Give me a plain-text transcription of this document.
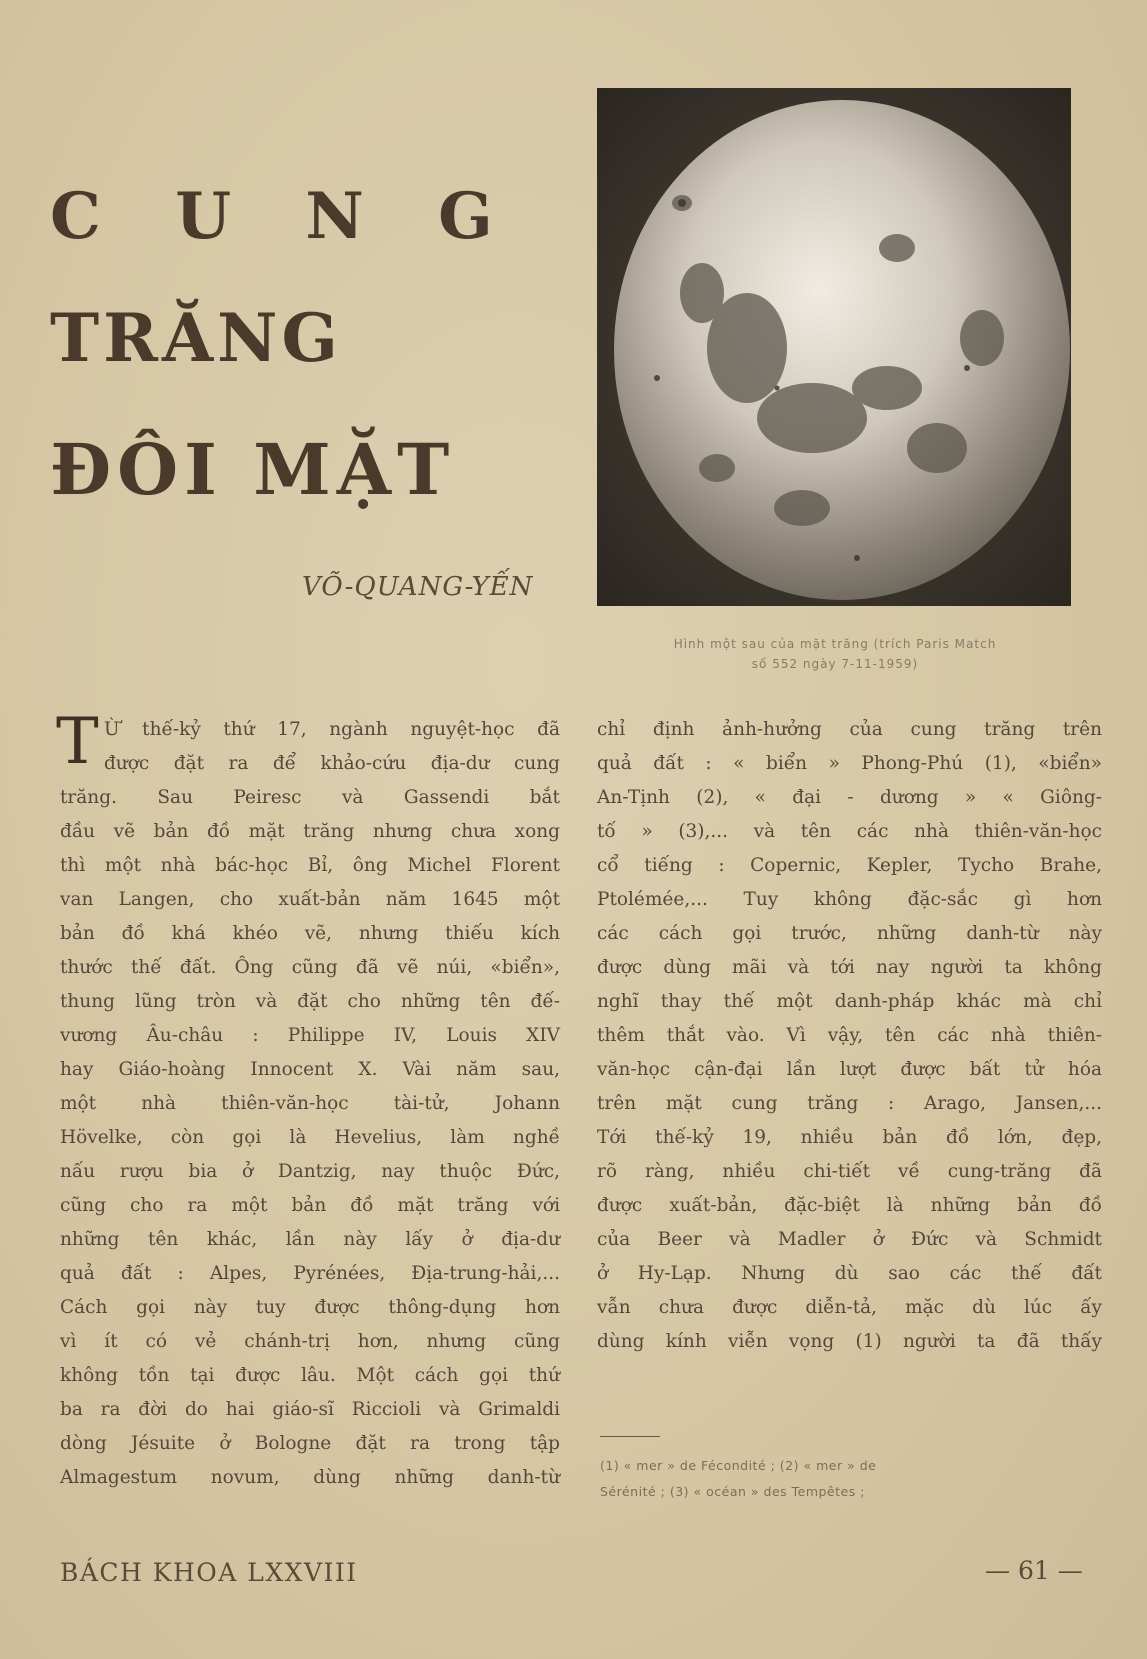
C U N G
TRĂNG
ĐÔI MẶT
VÕ-QUANG-YẾN
Hình một sau của mặt trăng (trích Paris Match
số 552 ngày 7-11-1959)
T Ừ thế-kỷ thứ 17, ngành nguyệt-học đã
được đặt ra để khảo-cứu địa-dư cung
trăng. Sau Peiresc và Gassendi bắt
đầu vẽ bản đồ mặt trăng nhưng chưa xong
thì một nhà bác-học Bỉ, ông Michel Florent
van Langen, cho xuất-bản năm 1645 một
bản đồ khá khéo vẽ, nhưng thiếu kích
thước thế đất. Ông cũng đã vẽ núi, «biển»,
thung lũng tròn và đặt cho những tên đế-
vương Âu-châu : Philippe IV, Louis XIV
hay Giáo-hoàng Innocent X. Vài năm sau,
một nhà thiên-văn-học tài-tử, Johann
Hövelke, còn gọi là Hevelius, làm nghề
nấu rượu bia ở Dantzig, nay thuộc Đức,
cũng cho ra một bản đồ mặt trăng với
những tên khác, lần này lấy ở địa-dư
quả đất : Alpes, Pyrénées, Địa-trung-hải,...
Cách gọi này tuy được thông-dụng hơn
vì ít có vẻ chánh-trị hơn, nhưng cũng
không tồn tại được lâu. Một cách gọi thứ
ba ra đời do hai giáo-sĩ Riccioli và Grimaldi
dòng Jésuite ở Bologne đặt ra trong tập
Almagestum novum, dùng những danh-từ
chỉ định ảnh-hưởng của cung trăng trên
quả đất : « biển » Phong-Phú (1), «biển»
An-Tịnh (2), « đại - dương » « Giông-
tố » (3),... và tên các nhà thiên-văn-học
cổ tiếng : Copernic, Kepler, Tycho Brahe,
Ptolémée,... Tuy không đặc-sắc gì hơn
các cách gọi trước, những danh-từ này
được dùng mãi và tới nay người ta không
nghĩ thay thế một danh-pháp khác mà chỉ
thêm thắt vào. Vì vậy, tên các nhà thiên-
văn-học cận-đại lần lượt được bất tử hóa
trên mặt cung trăng : Arago, Jansen,...
Tới thế-kỷ 19, nhiều bản đồ lớn, đẹp,
rõ ràng, nhiều chi-tiết về cung-trăng đã
được xuất-bản, đặc-biệt là những bản đồ
của Beer và Madler ở Đức và Schmidt
ở Hy-Lạp. Nhưng dù sao các thế đất
vẫn chưa được diễn-tả, mặc dù lúc ấy
dùng kính viễn vọng (1) người ta đã thấy
(1) « mer » de Fécondité ; (2) « mer » de
Sérénité ; (3) « océan » des Tempêtes ;
BÁCH KHOA LXXVIII	— 61 —
